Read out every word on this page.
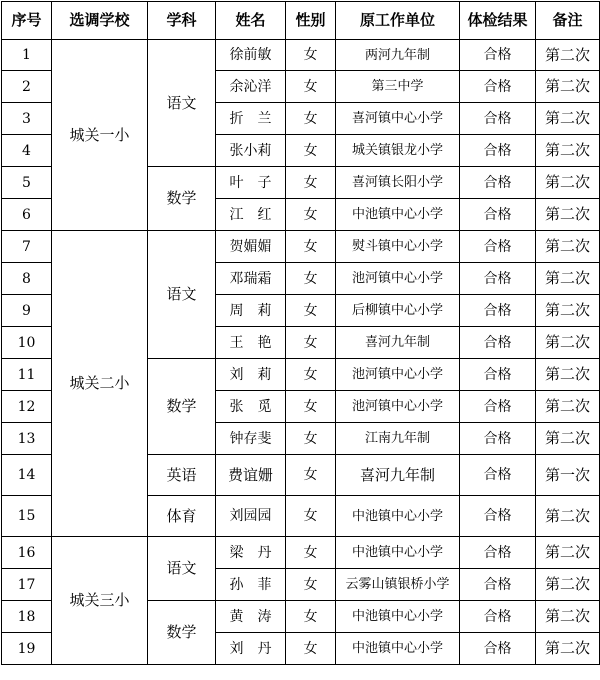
序号	选调学校	学科	姓名	性别	原工作单位	体检结果	备注
1	城关一小	语文	徐前敏	女	两河九年制	合格	第二次
2			余沁洋	女	第三中学	合格	第二次
3			折　兰	女	喜河镇中心小学	合格	第二次
4			张小莉	女	城关镇银龙小学	合格	第二次
5		数学	叶　子	女	喜河镇长阳小学	合格	第二次
6			江　红	女	中池镇中心小学	合格	第二次
7	城关二小	语文	贺媚媚	女	熨斗镇中心小学	合格	第二次
8			邓瑞霜	女	池河镇中心小学	合格	第二次
9			周　莉	女	后柳镇中心小学	合格	第二次
10			王　艳	女	喜河九年制	合格	第二次
11		数学	刘　莉	女	池河镇中心小学	合格	第二次
12			张　觅	女	池河镇中心小学	合格	第二次
13			钟存斐	女	江南九年制	合格	第二次
14		英语	费谊姗	女	喜河九年制	合格	第一次
15		体育	刘园园	女	中池镇中心小学	合格	第二次
16	城关三小	语文	梁　丹	女	中池镇中心小学	合格	第二次
17			孙　菲	女	云雾山镇银桥小学	合格	第二次
18		数学	黄　涛	女	中池镇中心小学	合格	第二次
19			刘　丹	女	中池镇中心小学	合格	第二次
